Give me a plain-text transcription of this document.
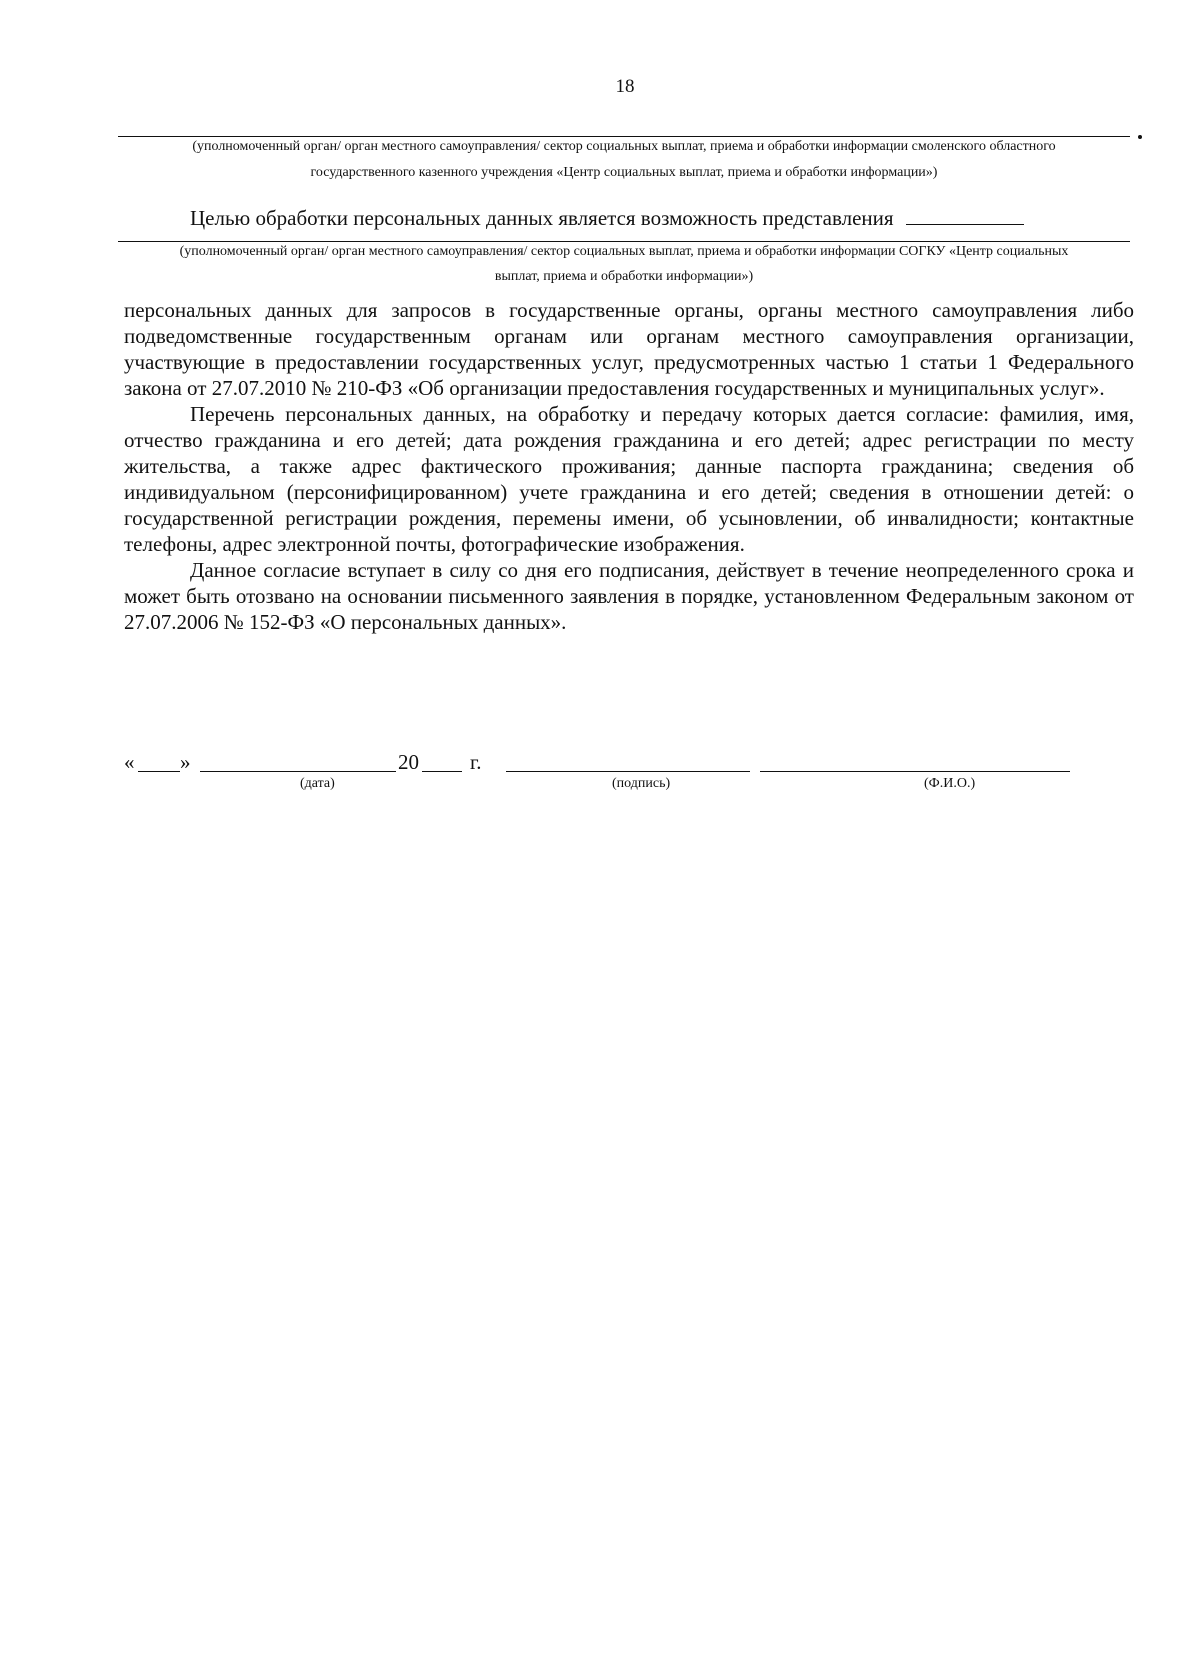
18
(уполномоченный орган/ орган местного самоуправления/ сектор социальных выплат, приема и обработки информации смоленского областного
государственного казенного учреждения «Центр социальных выплат, приема и обработки информации»)
Целью обработки персональных данных является возможность представления
(уполномоченный орган/ орган местного самоуправления/ сектор социальных выплат, приема и обработки информации СОГКУ «Центр социальных
выплат, приема и обработки информации»)

персональных данных для запросов в государственные органы, органы местного самоуправления либо подведомственные государственным органам или органам местного самоуправления организации, участвующие в предоставлении государственных услуг, предусмотренных частью 1 статьи 1 Федерального закона от 27.07.2010 № 210-ФЗ «Об организации предоставления государственных и муниципальных услуг».

Перечень персональных данных, на обработку и передачу которых дается согласие: фамилия, имя, отчество гражданина и его детей; дата рождения гражданина и его детей; адрес регистрации по месту жительства, а также адрес фактического проживания; данные паспорта гражданина; сведения об индивидуальном (персонифицированном) учете гражданина и его детей; сведения в отношении детей: о государственной регистрации рождения, перемены имени, об усыновлении, об инвалидности; контактные телефоны, адрес электронной почты, фотографические изображения.

Данное согласие вступает в силу со дня его подписания, действует в течение неопределенного срока и может быть отозвано на основании письменного заявления в порядке, установленном Федеральным законом от 27.07.2006 № 152-ФЗ «О персональных данных».

« »	20 г.
(дата)	(подпись)	(Ф.И.О.)
